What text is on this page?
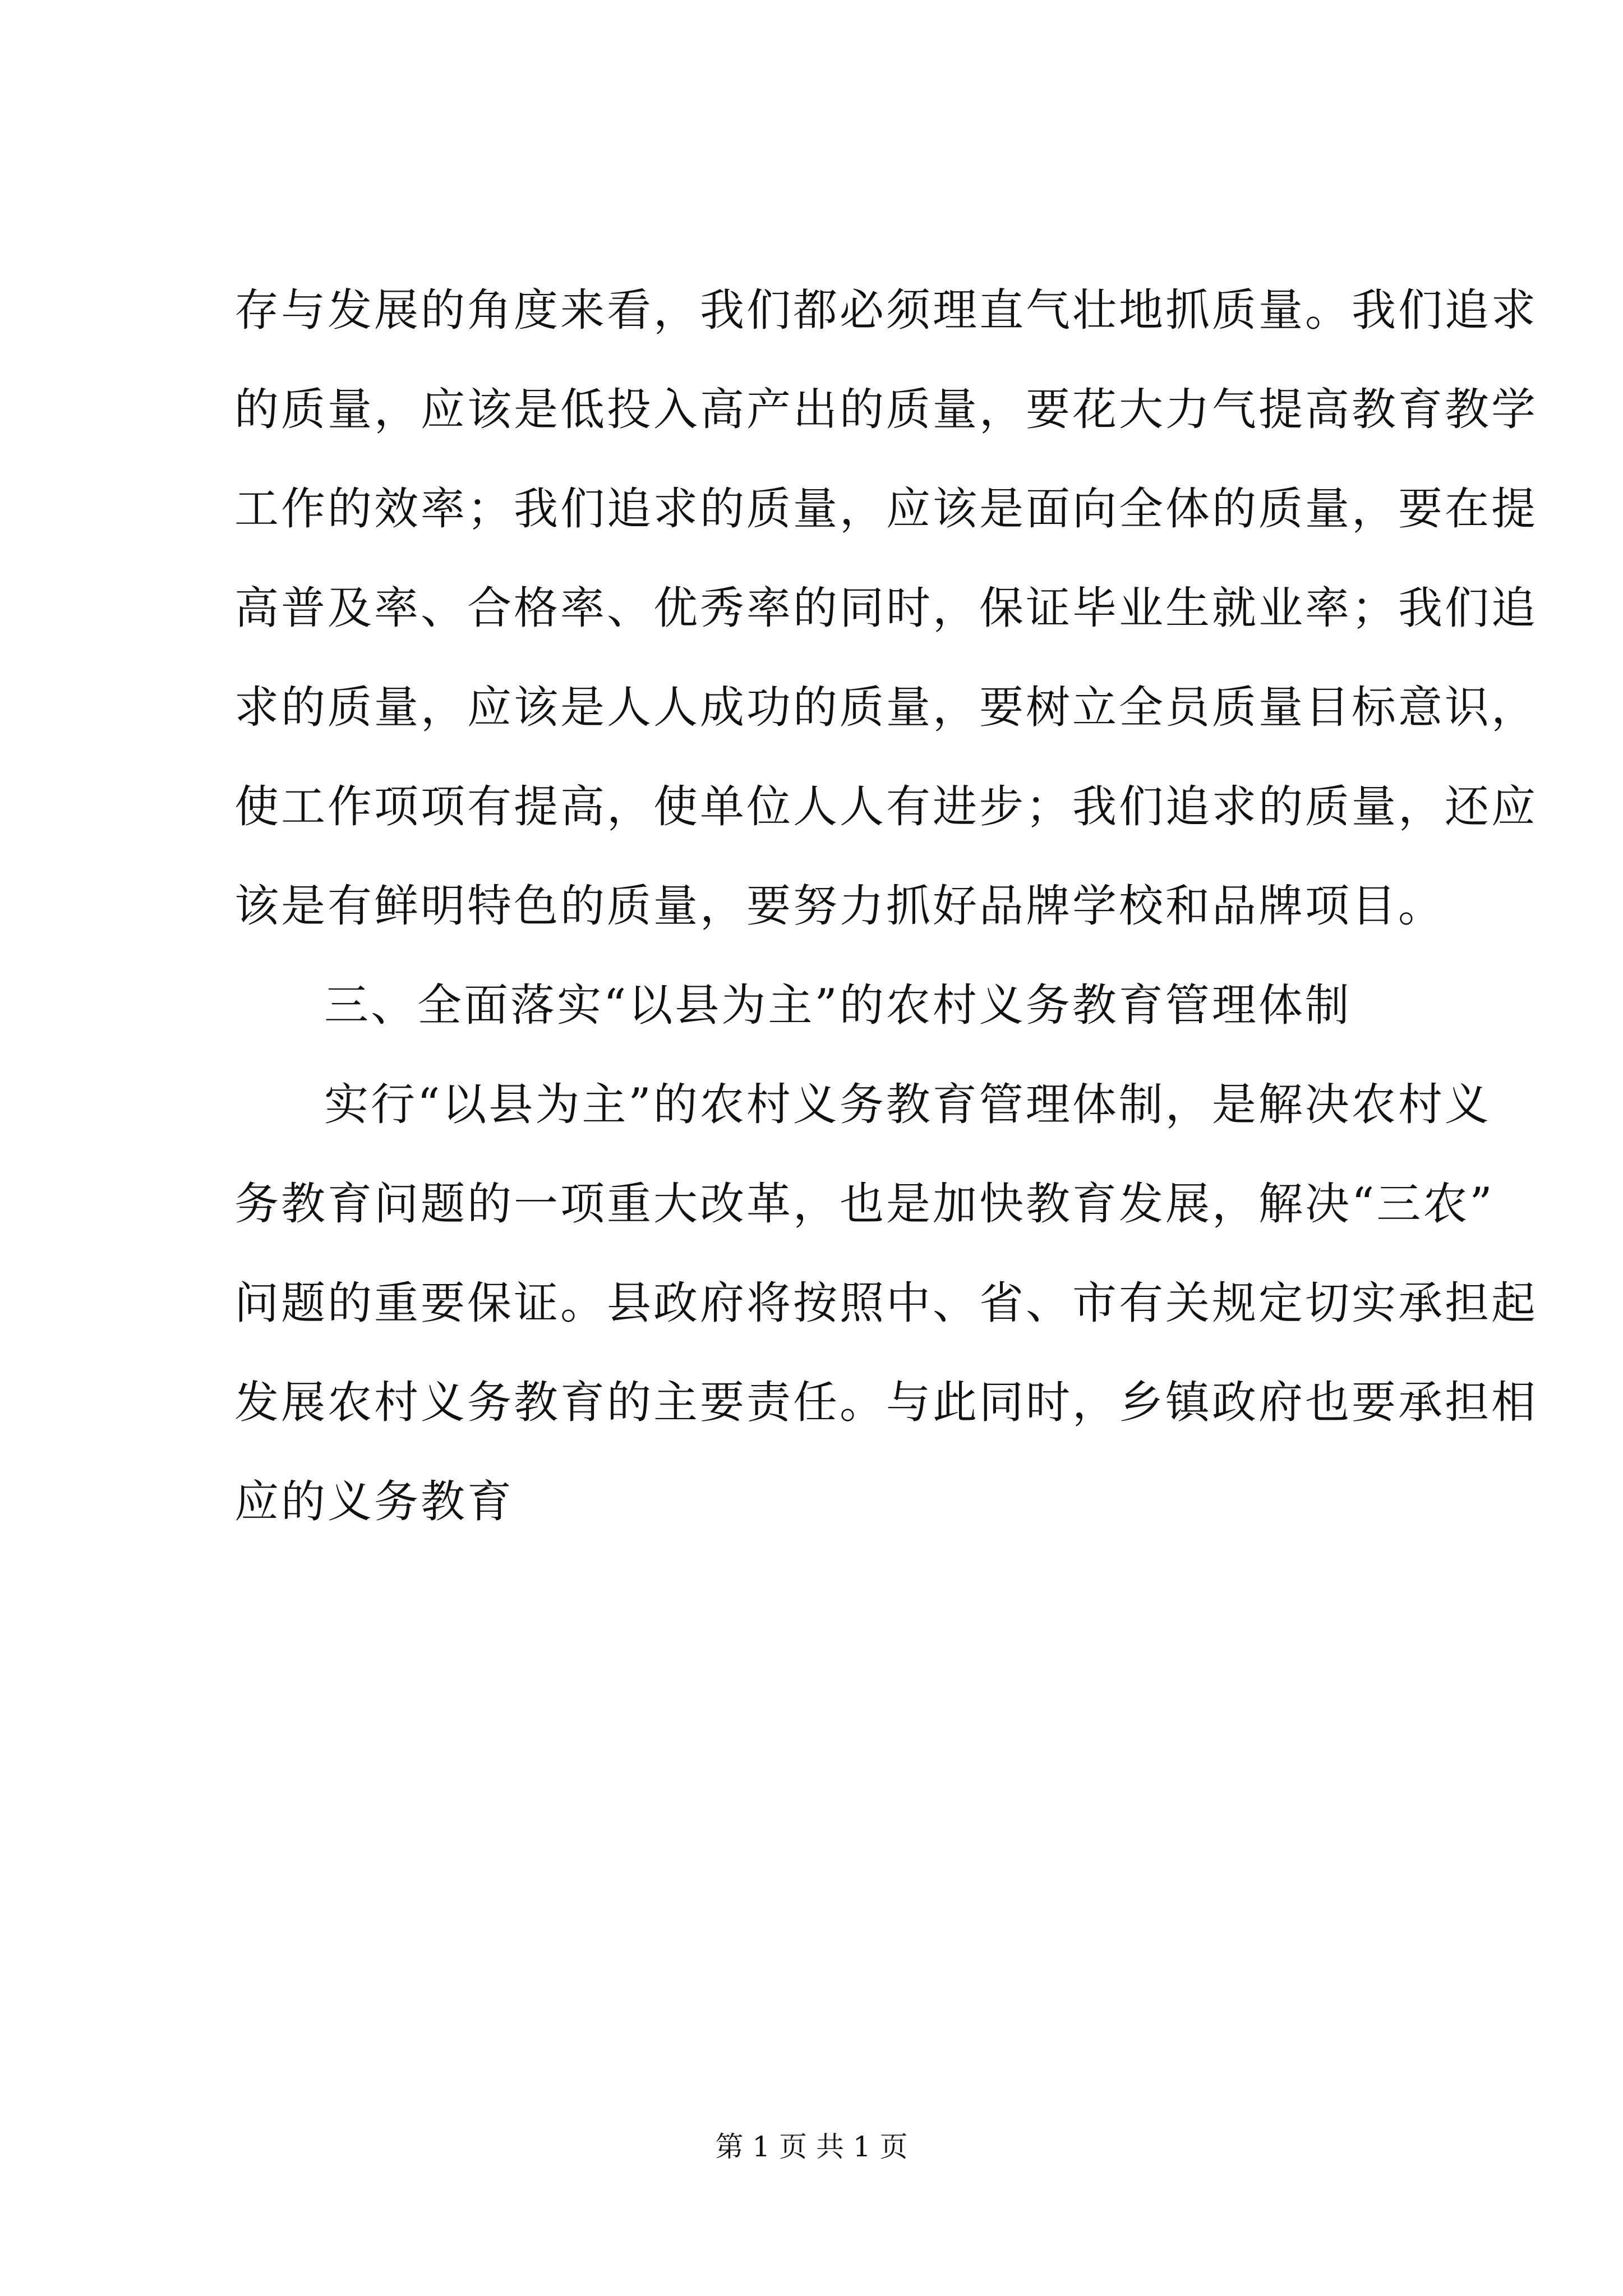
存与发展的角度来看，我们都必须理直气壮地抓质量。我们追求
的质量，应该是低投入高产出的质量，要花大力气提高教育教学
工作的效率；我们追求的质量，应该是面向全体的质量，要在提
高普及率、合格率、优秀率的同时，保证毕业生就业率；我们追
求的质量，应该是人人成功的质量，要树立全员质量目标意识，
使工作项项有提高，使单位人人有进步；我们追求的质量，还应
该是有鲜明特色的质量，要努力抓好品牌学校和品牌项目。
三、全面落实“以县为主”的农村义务教育管理体制
实行“以县为主”的农村义务教育管理体制，是解决农村义
务教育问题的一项重大改革，也是加快教育发展，解决“三农”
问题的重要保证。县政府将按照中、省、市有关规定切实承担起
发展农村义务教育的主要责任。与此同时，乡镇政府也要承担相
应的义务教育
第 1 页 共 1 页
